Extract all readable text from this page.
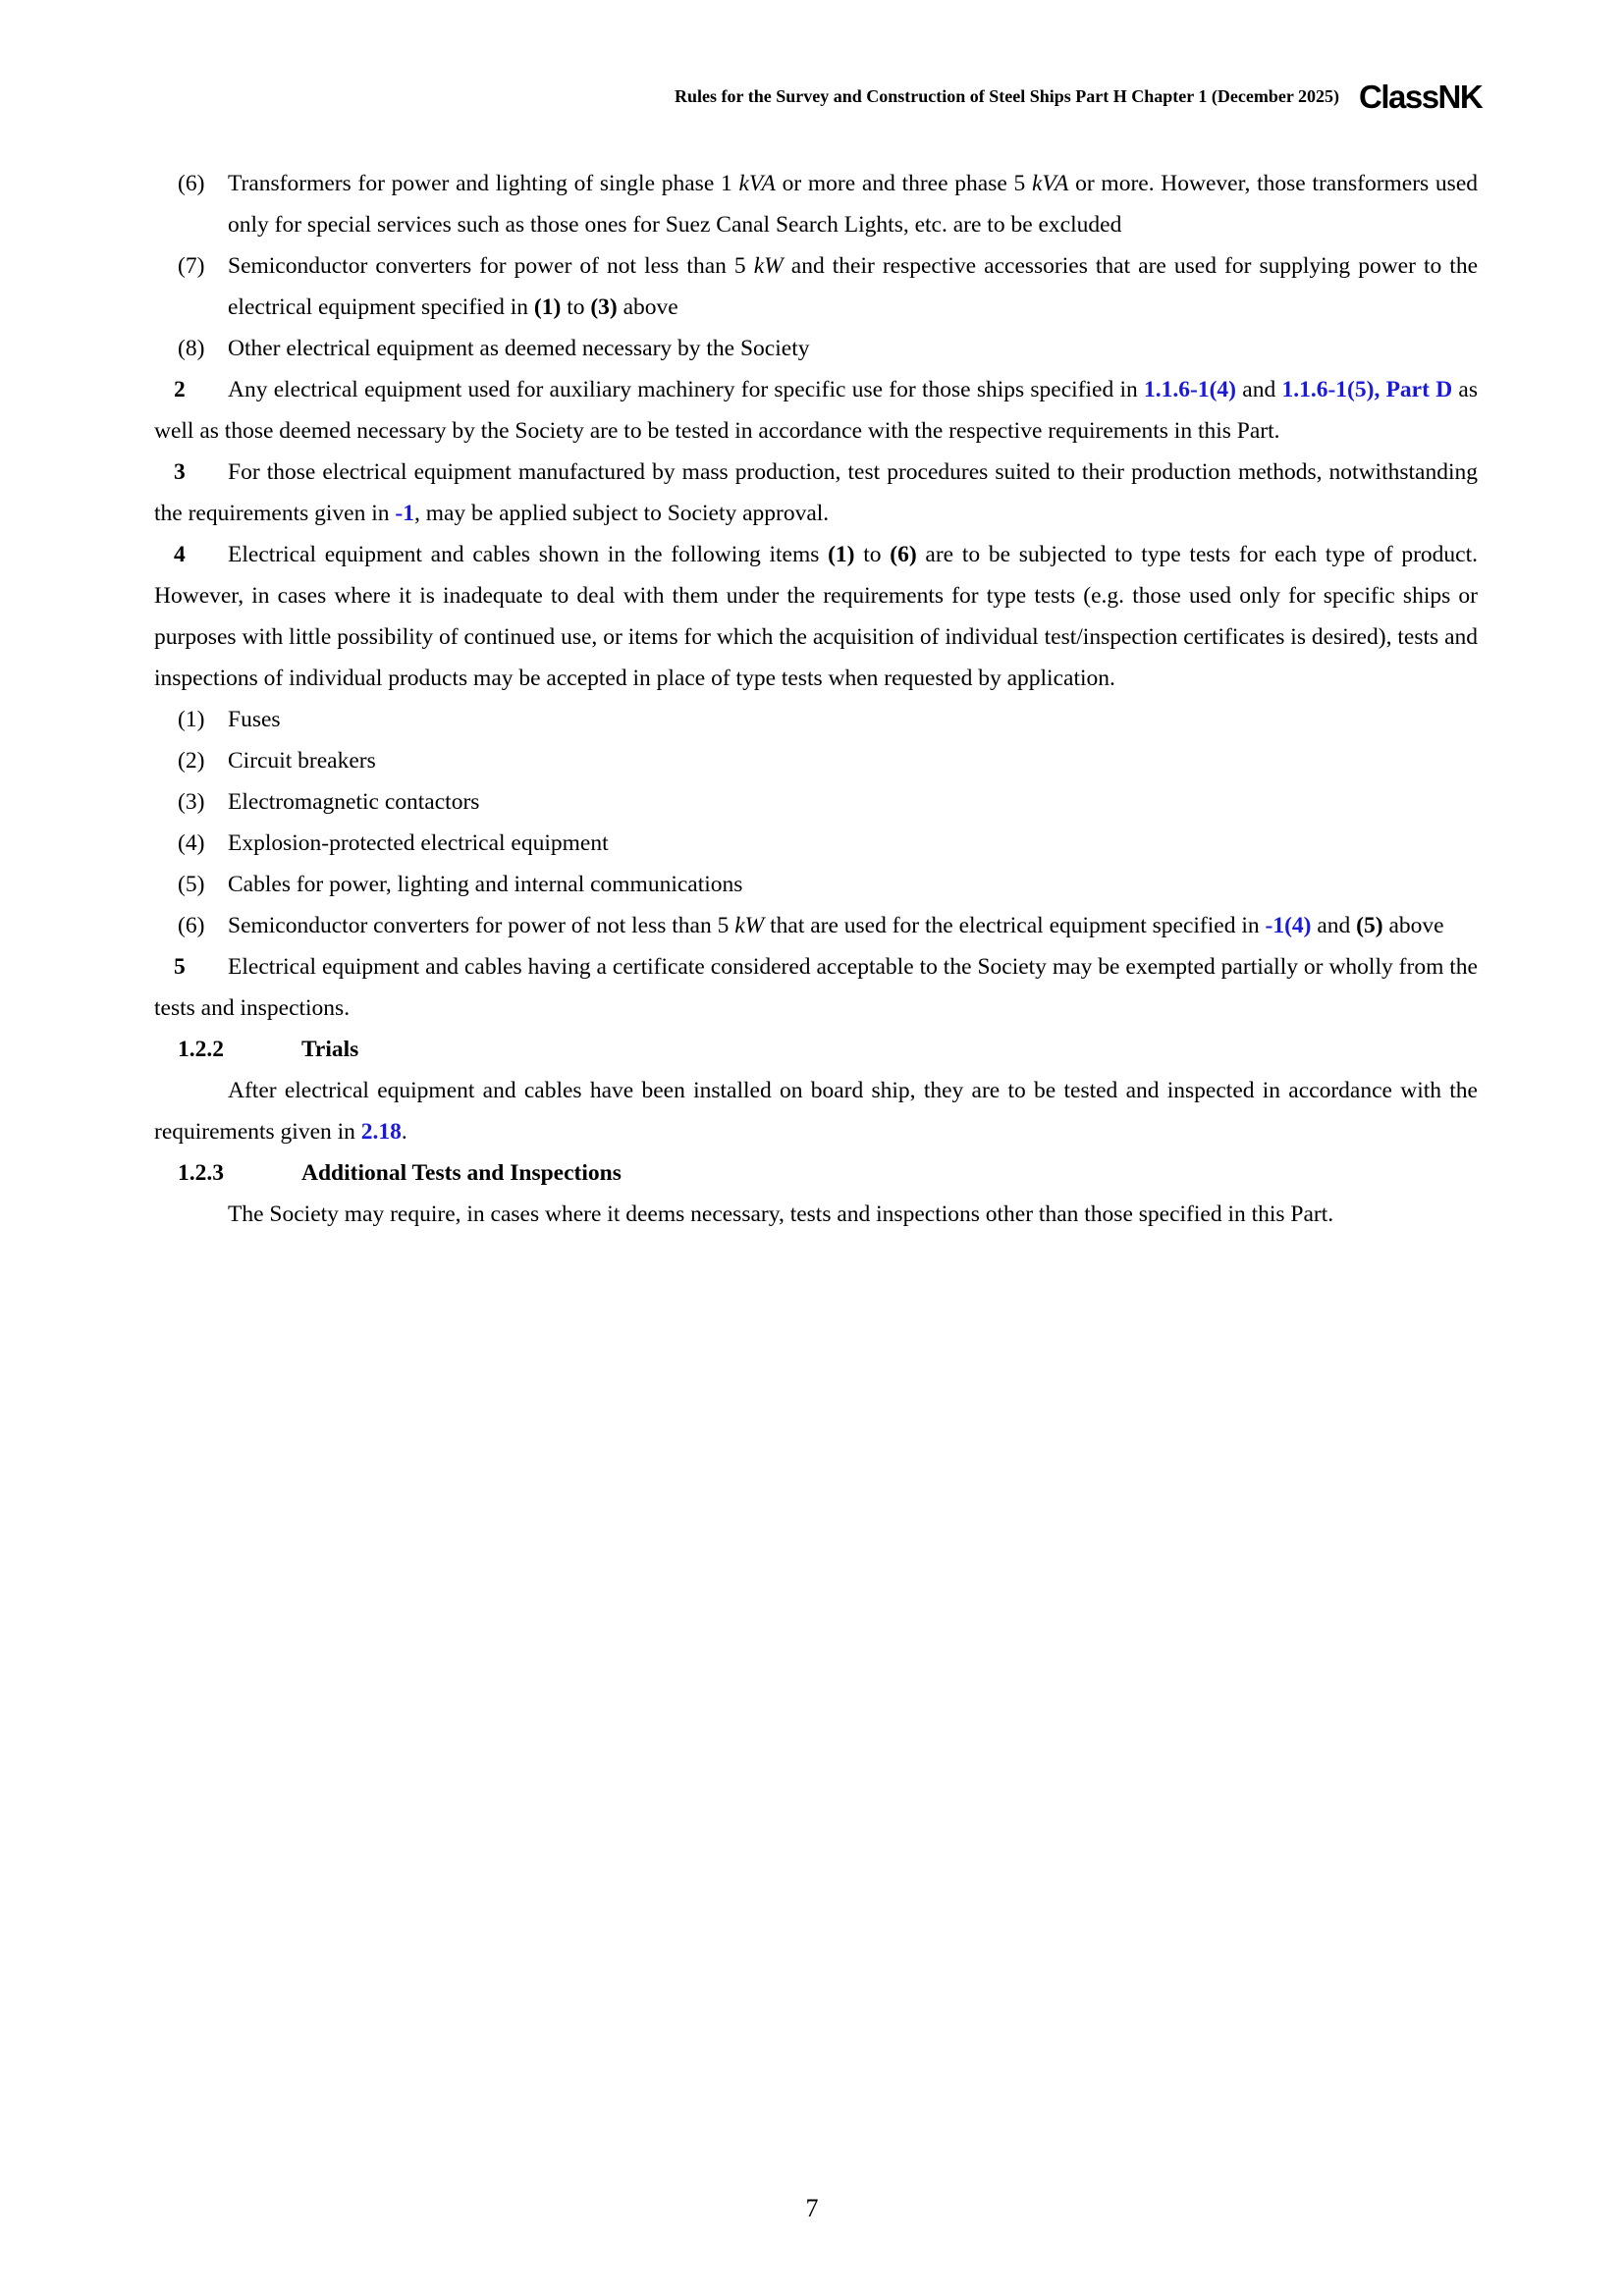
Rules for the Survey and Construction of Steel Ships Part H Chapter 1 (December 2025) ClassNK
(6)	Transformers for power and lighting of single phase 1 kVA or more and three phase 5 kVA or more. However, those transformers used only for special services such as those ones for Suez Canal Search Lights, etc. are to be excluded
(7)	Semiconductor converters for power of not less than 5 kW and their respective accessories that are used for supplying power to the electrical equipment specified in (1) to (3) above
(8)	Other electrical equipment as deemed necessary by the Society
2 Any electrical equipment used for auxiliary machinery for specific use for those ships specified in 1.1.6-1(4) and 1.1.6-1(5), Part D as well as those deemed necessary by the Society are to be tested in accordance with the respective requirements in this Part.
3 For those electrical equipment manufactured by mass production, test procedures suited to their production methods, notwithstanding the requirements given in -1, may be applied subject to Society approval.
4 Electrical equipment and cables shown in the following items (1) to (6) are to be subjected to type tests for each type of product. However, in cases where it is inadequate to deal with them under the requirements for type tests (e.g. those used only for specific ships or purposes with little possibility of continued use, or items for which the acquisition of individual test/inspection certificates is desired), tests and inspections of individual products may be accepted in place of type tests when requested by application.
(1)	Fuses
(2)	Circuit breakers
(3)	Electromagnetic contactors
(4)	Explosion-protected electrical equipment
(5)	Cables for power, lighting and internal communications
(6)	Semiconductor converters for power of not less than 5 kW that are used for the electrical equipment specified in -1(4) and (5) above
5 Electrical equipment and cables having a certificate considered acceptable to the Society may be exempted partially or wholly from the tests and inspections.
1.2.2	Trials
After electrical equipment and cables have been installed on board ship, they are to be tested and inspected in accordance with the requirements given in 2.18.
1.2.3	Additional Tests and Inspections
The Society may require, in cases where it deems necessary, tests and inspections other than those specified in this Part.
7
